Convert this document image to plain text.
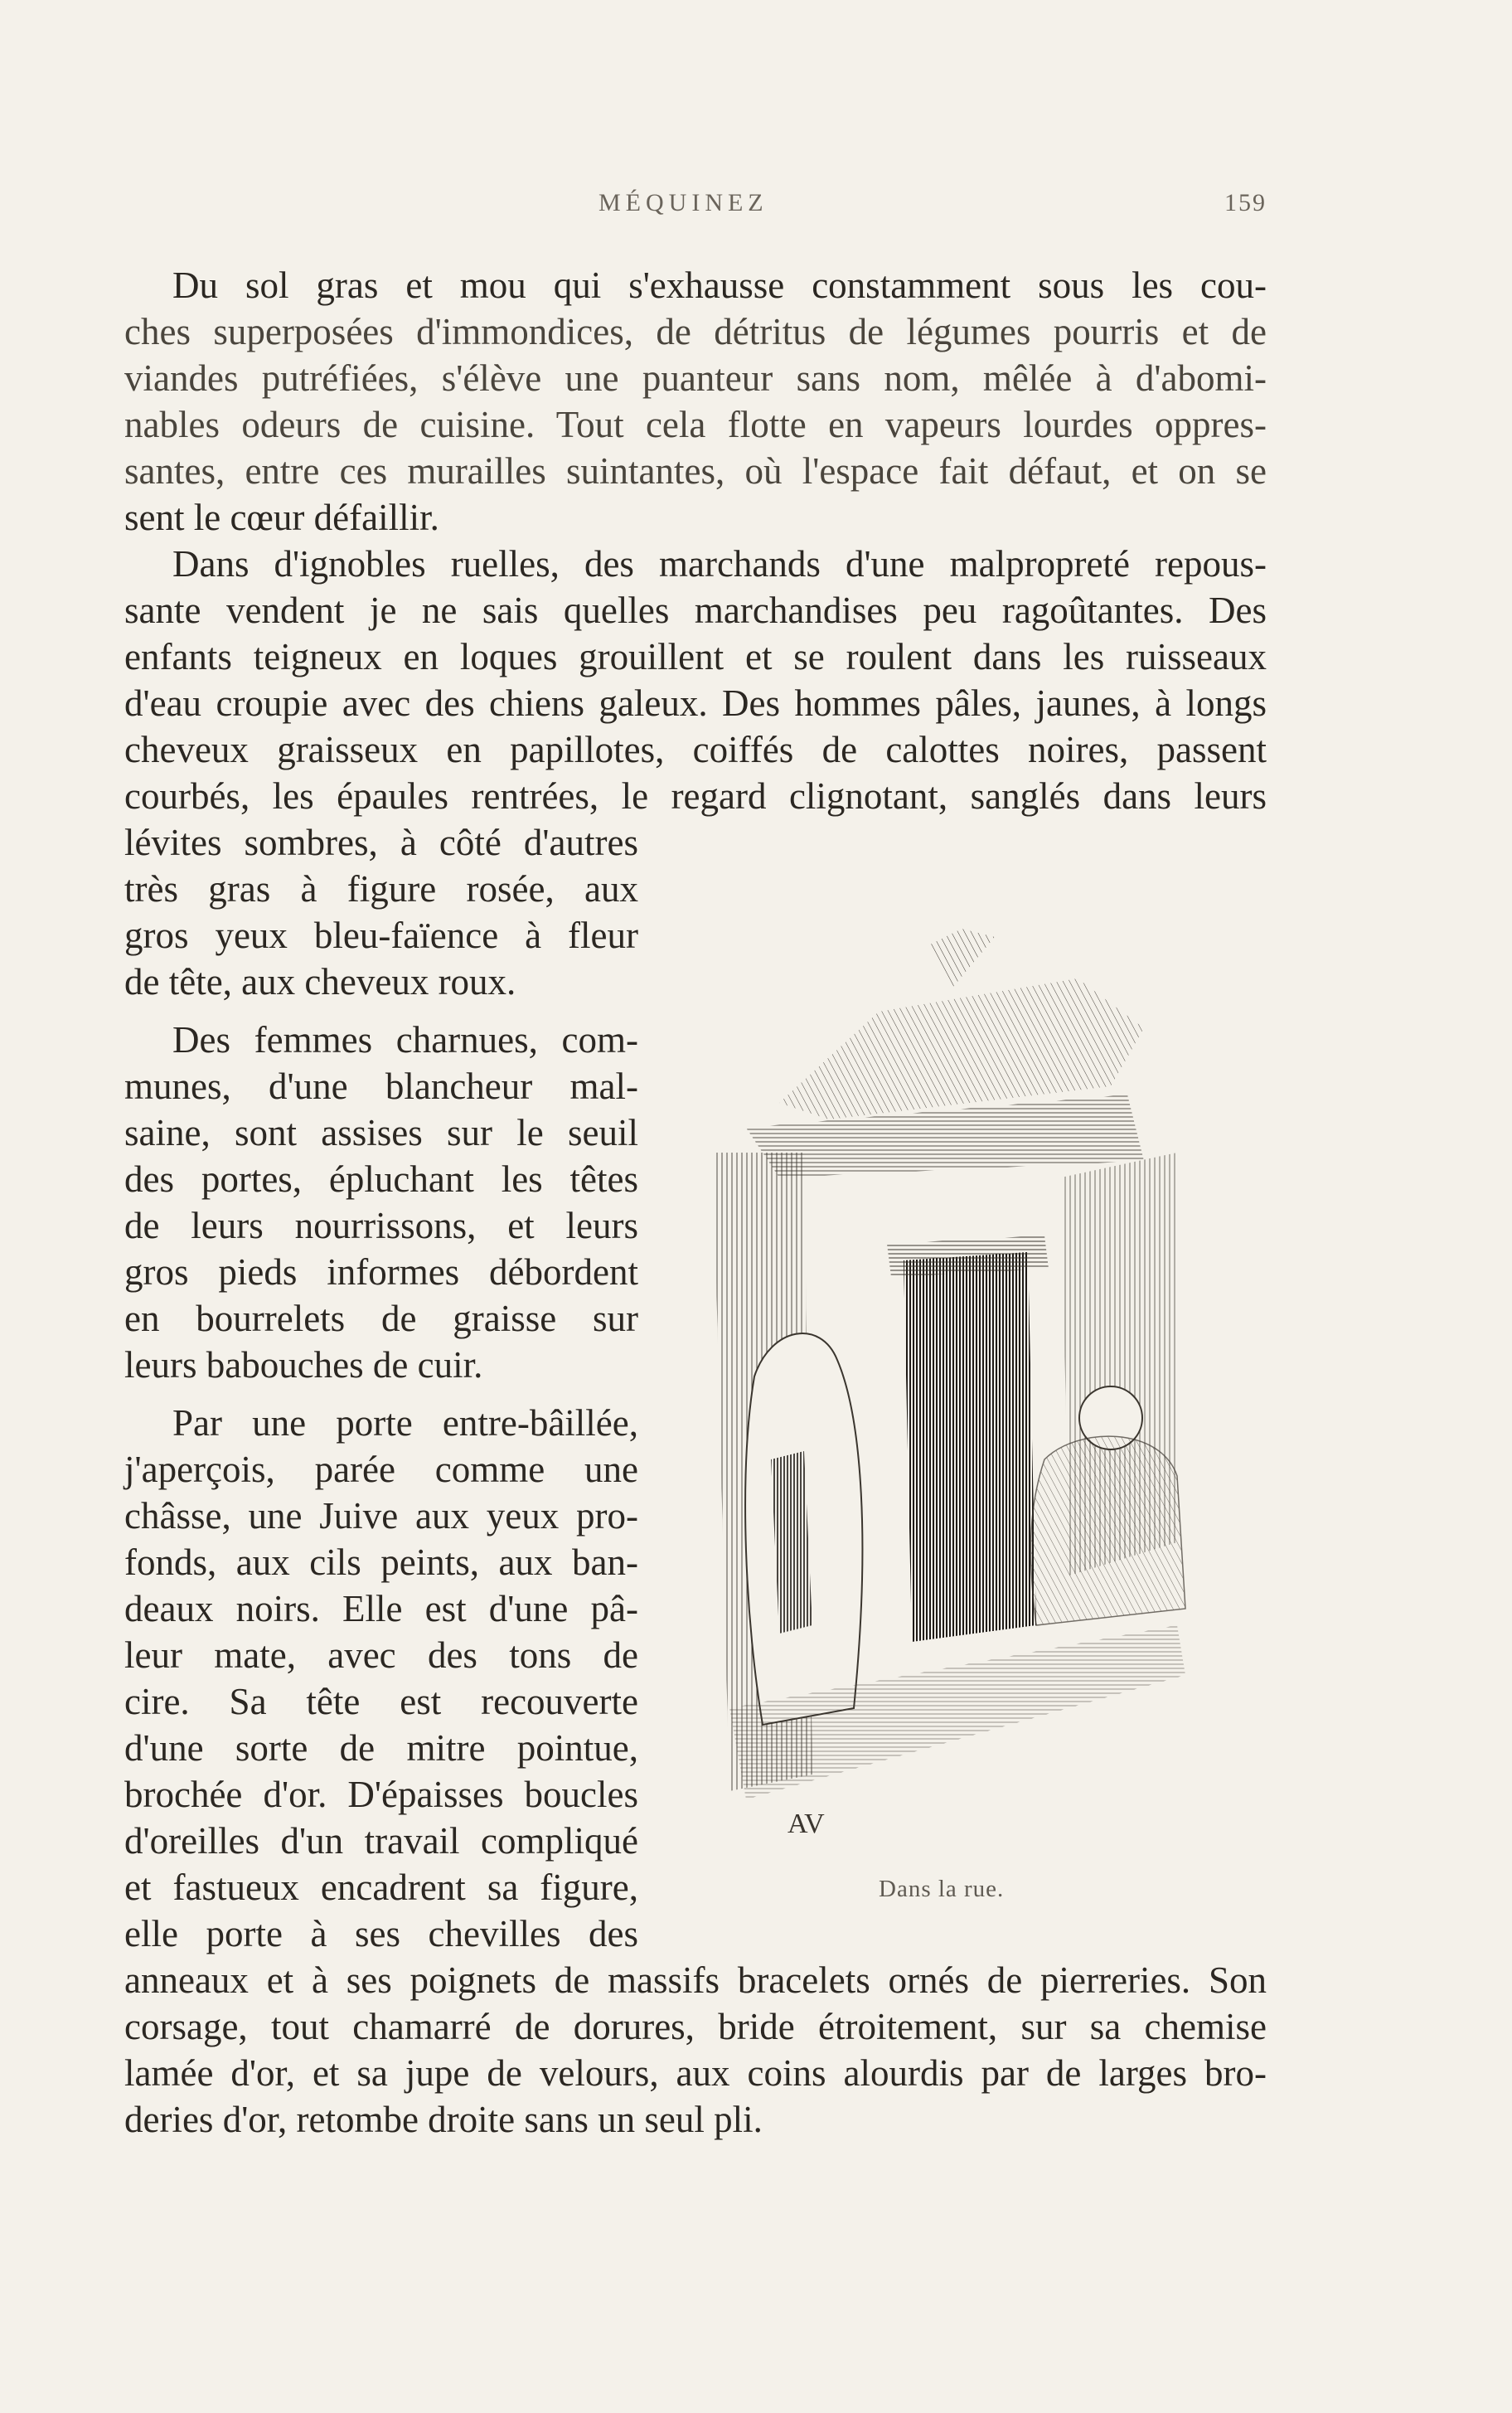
MÉQUINEZ	159
Du sol gras et mou qui s'exhausse constamment sous les cou-
ches superposées d'immondices, de détritus de légumes pourris et de
viandes putréfiées, s'élève une puanteur sans nom, mêlée à d'abomi-
nables odeurs de cuisine. Tout cela flotte en vapeurs lourdes oppres-
santes, entre ces murailles suintantes, où l'espace fait défaut, et on se
sent le cœur défaillir.
Dans d'ignobles ruelles, des marchands d'une malpropreté repous-
sante vendent je ne sais quelles marchandises peu ragoûtantes. Des
enfants teigneux en loques grouillent et se roulent dans les ruisseaux
d'eau croupie avec des chiens galeux. Des hommes pâles, jaunes, à longs
cheveux graisseux en papillotes, coiffés de calottes noires, passent
courbés, les épaules rentrées, le regard clignotant, sanglés dans leurs
lévites sombres, à côté d'autres
très gras à figure rosée, aux
gros yeux bleu-faïence à fleur
de tête, aux cheveux roux.
Des femmes charnues, com-
munes, d'une blancheur mal-
saine, sont assises sur le seuil
des portes, épluchant les têtes
de leurs nourrissons, et leurs
gros pieds informes débordent
en bourrelets de graisse sur
leurs babouches de cuir.
Par une porte entre-bâillée,
j'aperçois, parée comme une
châsse, une Juive aux yeux pro-
fonds, aux cils peints, aux ban-
deaux noirs. Elle est d'une pâ-
leur mate, avec des tons de
cire. Sa tête est recouverte
d'une sorte de mitre pointue,
brochée d'or. D'épaisses boucles
d'oreilles d'un travail compliqué
et fastueux encadrent sa figure,
elle porte à ses chevilles des
anneaux et à ses poignets de massifs bracelets ornés de pierreries. Son
corsage, tout chamarré de dorures, bride étroitement, sur sa chemise
lamée d'or, et sa jupe de velours, aux coins alourdis par de larges bro-
deries d'or, retombe droite sans un seul pli.
AV
Dans la rue.
